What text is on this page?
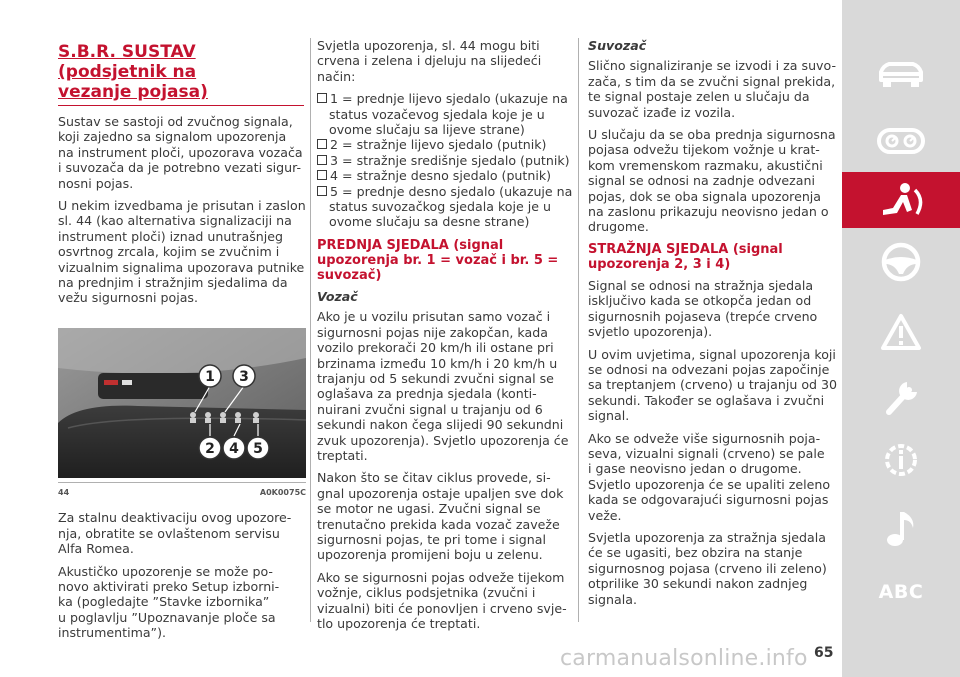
S.B.R. SUSTAV (podsjetnik na
vezanje pojasa)

Sustav se sastoji od zvučnog signala,
koji zajedno sa signalom upozorenja
na instrument ploči, upozorava vozača
i suvozača da je potrebno vezati sigur-
nosni pojas.

U nekim izvedbama je prisutan i zaslon
sl. 44 (kao alternativa signalizaciji na
instrument ploči) iznad unutrašnjeg
osvrtnog zrcala, kojim se zvučnim i
vizualnim signalima upozorava putnike
na prednjim i stražnjim sjedalima da
vežu sigurnosni pojas.

1 3
2 4 5
44	A0K0075C

Za stalnu deaktivaciju ovog upozore-
nja, obratite se ovlaštenom servisu
Alfa Romea.

Akustičko upozorenje se može po-
novo aktivirati preko Setup izborni-
ka (pogledajte ”Stavke izbornika”
u poglavlju ”Upoznavanje ploče sa
instrumentima”).

Svjetla upozorenja, sl. 44 mogu biti
crvena i zelena i djeluju na slijedeći
način:

1 = prednje lijevo sjedalo (ukazuje na status vozačevog sjedala koje je u ovome slučaju sa lijeve strane)
2 = stražnje lijevo sjedalo (putnik)
3 = stražnje središnje sjedalo (putnik)
4 = stražnje desno sjedalo (putnik)
5 = prednje desno sjedalo (ukazuje na status suvozačkog sjedala koje je u ovome slučaju sa desne strane)
PREDNJA SJEDALA (signal
upozorenja br. 1 = vozač i br. 5 =
suvozač)
Vozač

Ako je u vozilu prisutan samo vozač i
sigurnosni pojas nije zakopčan, kada
vozilo prekorači 20 km/h ili ostane pri
brzinama između 10 km/h i 20 km/h u
trajanju od 5 sekundi zvučni signal se
oglašava za prednja sjedala (konti-
nuirani zvučni signal u trajanju od 6
sekundi nakon čega slijedi 90 sekundni
zvuk upozorenja). Svjetlo upozorenja će
treptati.

Nakon što se čitav ciklus provede, si-
gnal upozorenja ostaje upaljen sve dok
se motor ne ugasi. Zvučni signal se
trenutačno prekida kada vozač zaveže
sigurnosni pojas, te pri tome i signal
upozorenja promijeni boju u zelenu.

Ako se sigurnosni pojas odveže tijekom
vožnje, ciklus podsjetnika (zvučni i
vizualni) biti će ponovljen i crveno svje-
tlo upozorenja će treptati.

Suvozač

Slično signaliziranje se izvodi i za suvo-
zača, s tim da se zvučni signal prekida,
te signal postaje zelen u slučaju da
suvozač izađe iz vozila.

U slučaju da se oba prednja sigurnosna
pojasa odvežu tijekom vožnje u krat-
kom vremenskom razmaku, akustični
signal se odnosi na zadnje odvezani
pojas, dok se oba signala upozorenja
na zaslonu prikazuju neovisno jedan o
drugome.

STRAŽNJA SJEDALA (signal
upozorenja 2, 3 i 4)

Signal se odnosi na stražnja sjedala
isključivo kada se otkopča jedan od
sigurnosnih pojaseva (trepće crveno
svjetlo upozorenja).

U ovim uvjetima, signal upozorenja koji
se odnosi na odvezani pojas započinje
sa treptanjem (crveno) u trajanju od 30
sekundi. Također se oglašava i zvučni
signal.

Ako se odveže više sigurnosnih poja-
seva, vizualni signali (crveno) se pale
i gase neovisno jedan o drugome.
Svjetlo upozorenja će se upaliti zeleno
kada se odgovarajući sigurnosni pojas
veže.

Svjetla upozorenja za stražnja sjedala
će se ugasiti, bez obzira na stanje
sigurnosnog pojasa (crveno ili zeleno)
otprilike 30 sekundi nakon zadnjeg
signala.	ABC
carmanualsonline.info 65
